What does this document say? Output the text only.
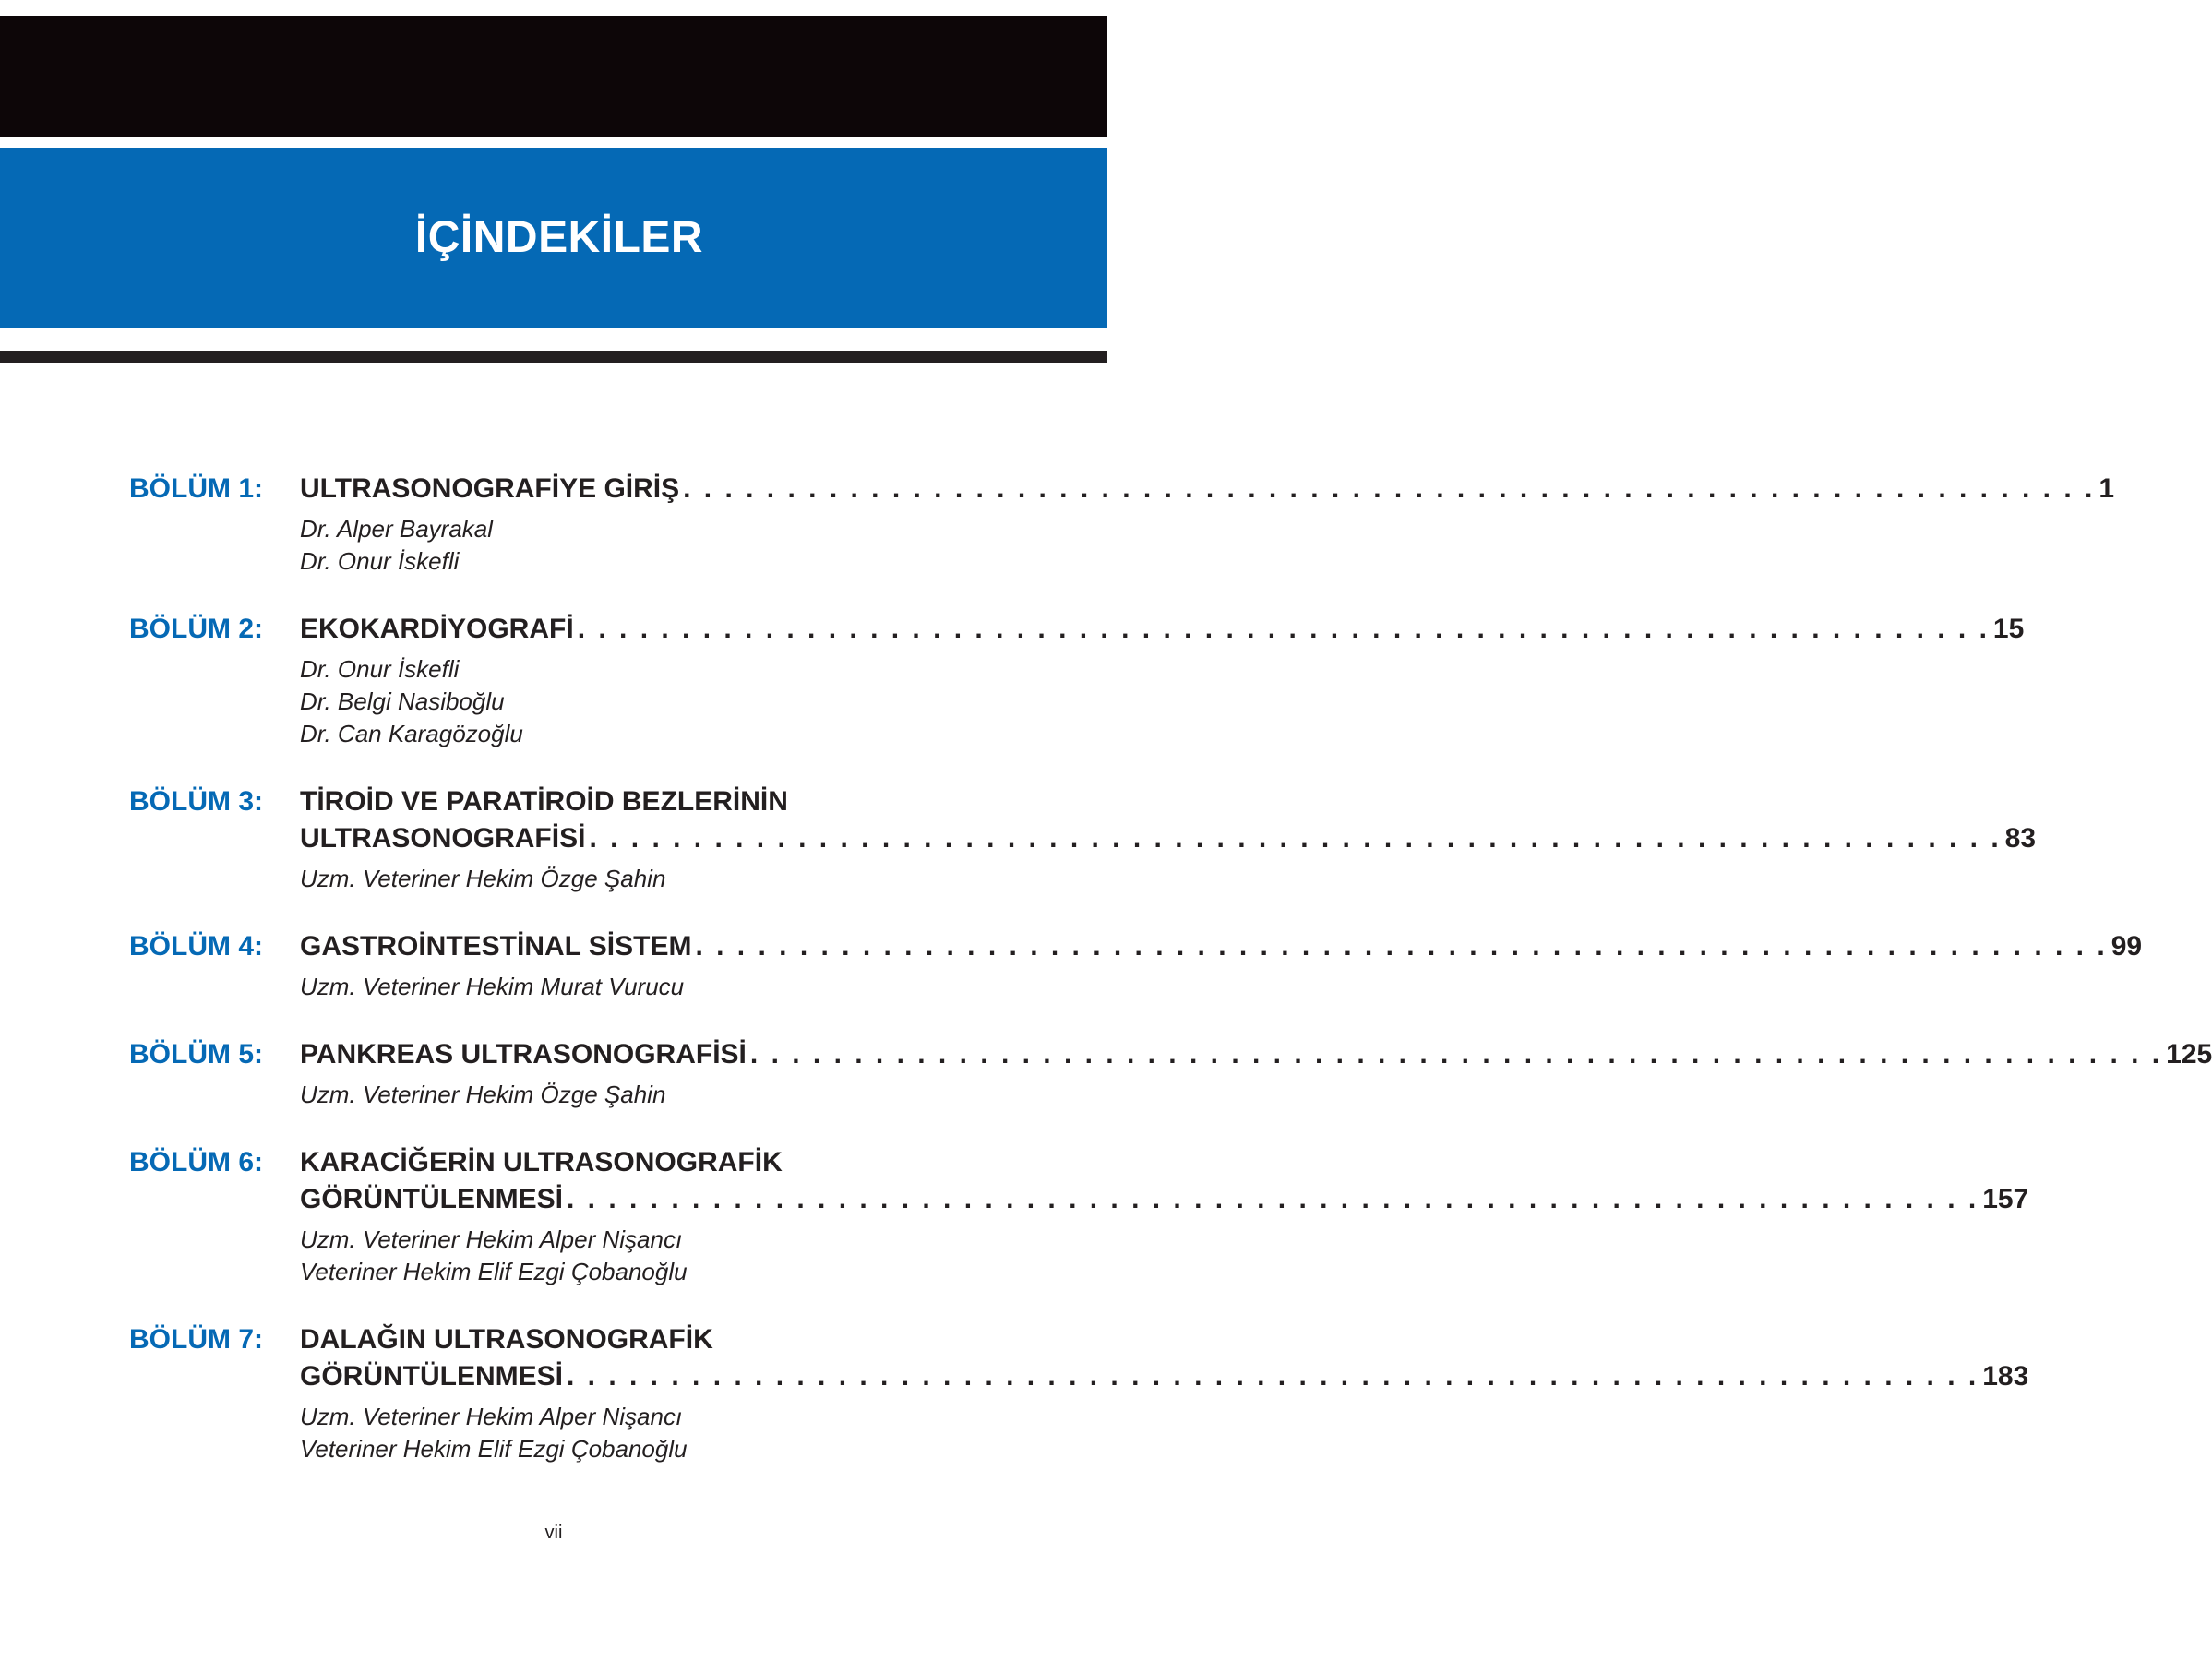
İÇİNDEKİLER
BÖLÜM 1: ULTRASONOGRAFİYE GİRİŞ . . . . . . . . . . . . . . . . . . . . . . . . . . . . . . . . . . . . . . . . . . . . . . . . . . . . . . . . . . . . . . . . . . . . 1
Dr. Alper Bayrakal
Dr. Onur İskefli
BÖLÜM 2: EKOKARDİYOGRAFİ . . . . . . . . . . . . . . . . . . . . . . . . . . . . . . . . . . . . . . . . . . . . . . . . . . . . . . . . . . . . . . . . . . . . 15
Dr. Onur İskefli
Dr. Belgi Nasiboğlu
Dr. Can Karagözoğlu
BÖLÜM 3: TİROİD VE PARATİROİD BEZLERİNİN
ULTRASONOGRAFİSİ . . . . . . . . . . . . . . . . . . . . . . . . . . . . . . . . . . . . . . . . . . . . . . . . . . . . . . . . . . . . . . . . . . . . 83
Uzm. Veteriner Hekim Özge Şahin
BÖLÜM 4: GASTROİNTESTİNAL SİSTEM . . . . . . . . . . . . . . . . . . . . . . . . . . . . . . . . . . . . . . . . . . . . . . . . . . . . . . . . . . . . . . . . . . . . 99
Uzm. Veteriner Hekim Murat Vurucu
BÖLÜM 5: PANKREAS ULTRASONOGRAFİSİ . . . . . . . . . . . . . . . . . . . . . . . . . . . . . . . . . . . . . . . . . . . . . . . . . . . . . . . . . . . . . . . . . . . . 125
Uzm. Veteriner Hekim Özge Şahin
BÖLÜM 6: KARACİĞERİN ULTRASONOGRAFİK
GÖRÜNTÜLENMESİ . . . . . . . . . . . . . . . . . . . . . . . . . . . . . . . . . . . . . . . . . . . . . . . . . . . . . . . . . . . . . . . . . . . . 157
Uzm. Veteriner Hekim Alper Nişancı
Veteriner Hekim Elif Ezgi Çobanoğlu
BÖLÜM 7: DALAĞIN ULTRASONOGRAFİK
GÖRÜNTÜLENMESİ . . . . . . . . . . . . . . . . . . . . . . . . . . . . . . . . . . . . . . . . . . . . . . . . . . . . . . . . . . . . . . . . . . . . 183
Uzm. Veteriner Hekim Alper Nişancı
Veteriner Hekim Elif Ezgi Çobanoğlu
vii
